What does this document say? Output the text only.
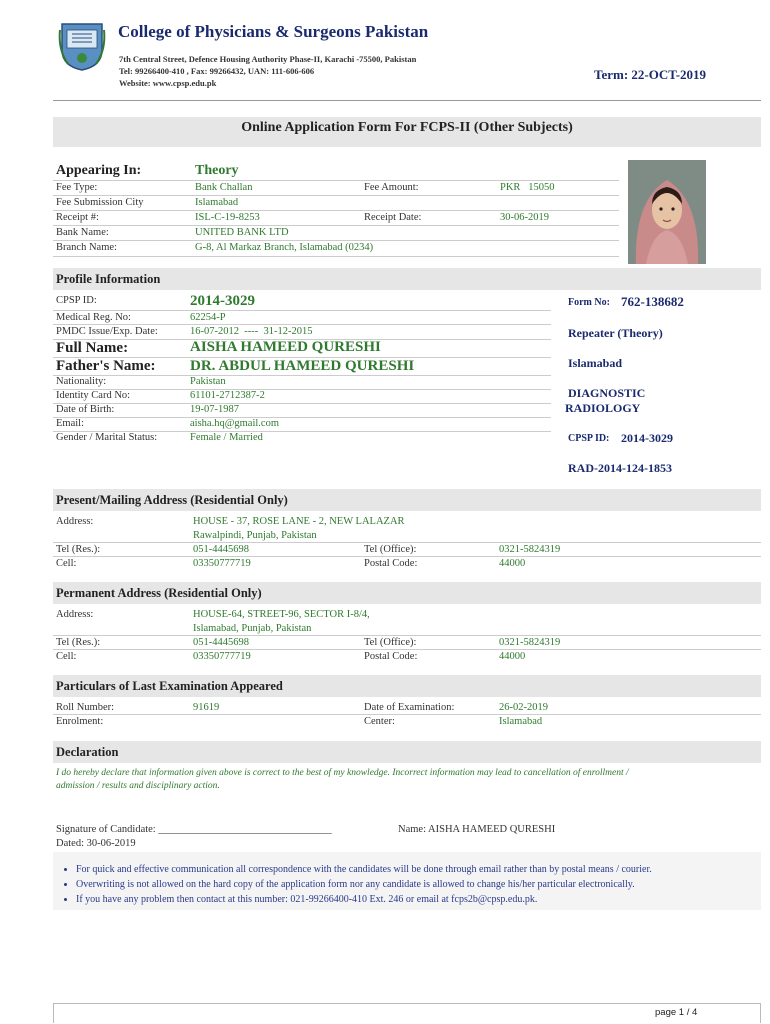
College of Physicians & Surgeons Pakistan
7th Central Street, Defence Housing Authority Phase-II, Karachi -75500, Pakistan
Tel: 99266400-410 , Fax: 99266432, UAN: 111-606-606
Website: www.cpsp.edu.pk
Term: 22-OCT-2019
Online Application Form For FCPS-II (Other Subjects)
Appearing In:	Theory
Fee Type:	Bank Challan	Fee Amount:	PKR   15050
Fee Submission City	Islamabad
Receipt #:	ISL-C-19-8253	Receipt Date:	30-06-2019
Bank Name:	UNITED BANK LTD
Branch Name:	G-8, Al Markaz Branch, Islamabad (0234)
Profile Information
CPSP ID:	2014-3029
Medical Reg. No:	62254-P
PMDC Issue/Exp. Date:	16-07-2012  ----  31-12-2015
Full Name:	AISHA HAMEED QURESHI
Father's Name: DR. ABDUL HAMEED QURESHI
Nationality:	Pakistan
Identity Card No:	61101-2712387-2
Date of Birth:	19-07-1987
Email:	aisha.hq@gmail.com
Gender / Marital Status:	Female / Married
Form No: 762-138682
Repeater (Theory)
Islamabad
DIAGNOSTIC
RADIOLOGY
CPSP ID: 2014-3029
RAD-2014-124-1853
Present/Mailing Address (Residential Only)
Address:	HOUSE - 37, ROSE LANE - 2, NEW LALAZAR
Rawalpindi, Punjab, Pakistan
Tel (Res.):	051-4445698	Tel (Office):	0321-5824319
Cell:	03350777719	Postal Code:	44000
Permanent Address (Residential Only)
Address:	HOUSE-64, STREET-96, SECTOR I-8/4,
Islamabad, Punjab, Pakistan
Tel (Res.):	051-4445698	Tel (Office):	0321-5824319
Cell:	03350777719	Postal Code:	44000
Particulars of Last Examination Appeared
Roll Number:	91619	Date of Examination:	26-02-2019
Enrolment:	Center:	Islamabad
Declaration
I do hereby declare that information given above is correct to the best of my knowledge. Incorrect information may lead to cancellation of enrollment /
admission / results and disciplinary action.
Signature of Candidate: _________________________________
Dated: 30-06-2019
Name: AISHA HAMEED QURESHI
• For quick and effective communication all correspondence with the candidates will be done through email rather than by postal means / courier.
• Overwriting is not allowed on the hard copy of the application form nor any candidate is allowed to change his/her particular electronically.
• If you have any problem then contact at this number: 021-99266400-410 Ext. 246 or email at fcps2b@cpsp.edu.pk.
page 1 / 4
